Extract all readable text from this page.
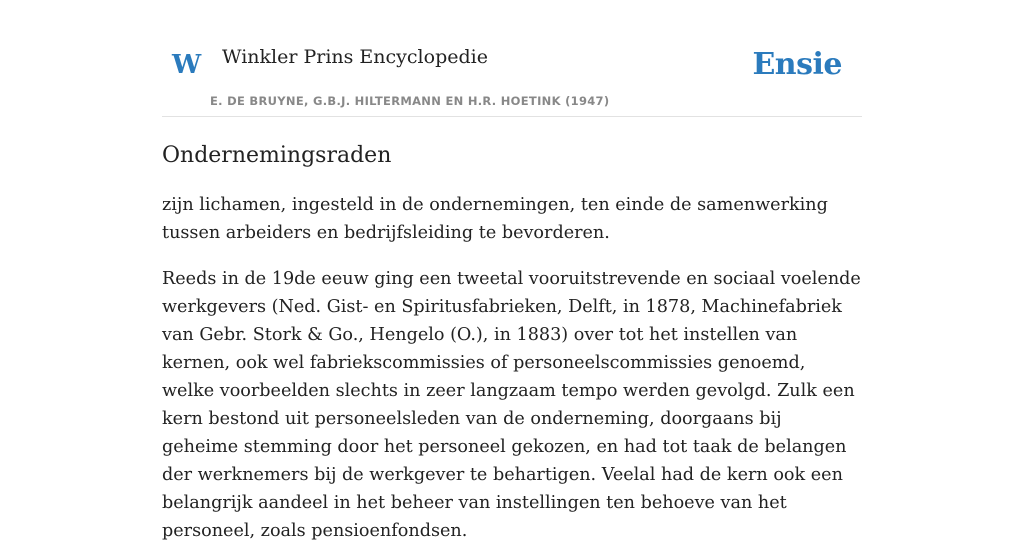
W Winkler Prins Encyclopedie
E. DE BRUYNE, G.B.J. HILTERMANN EN H.R. HOETINK (1947)
Ensie
Ondernemingsraden

zijn lichamen, ingesteld in de ondernemingen, ten einde de samenwerking tussen arbeiders en bedrijfsleiding te bevorderen.

Reeds in de 19de eeuw ging een tweetal vooruitstrevende en sociaal voelende werkgevers (Ned. Gist- en Spiritusfabrieken, Delft, in 1878, Machinefabriek van Gebr. Stork & Go., Hengelo (O.), in 1883) over tot het instellen van kernen, ook wel fabriekscommissies of personeelscommissies genoemd, welke voorbeelden slechts in zeer langzaam tempo werden gevolgd. Zulk een kern bestond uit personeelsleden van de onderneming, doorgaans bij geheime stemming door het personeel gekozen, en had tot taak de belangen der werknemers bij de werkgever te behartigen. Veelal had de kern ook een belangrijk aandeel in het beheer van instellingen ten behoeve van het personeel, zoals pensioenfondsen.
